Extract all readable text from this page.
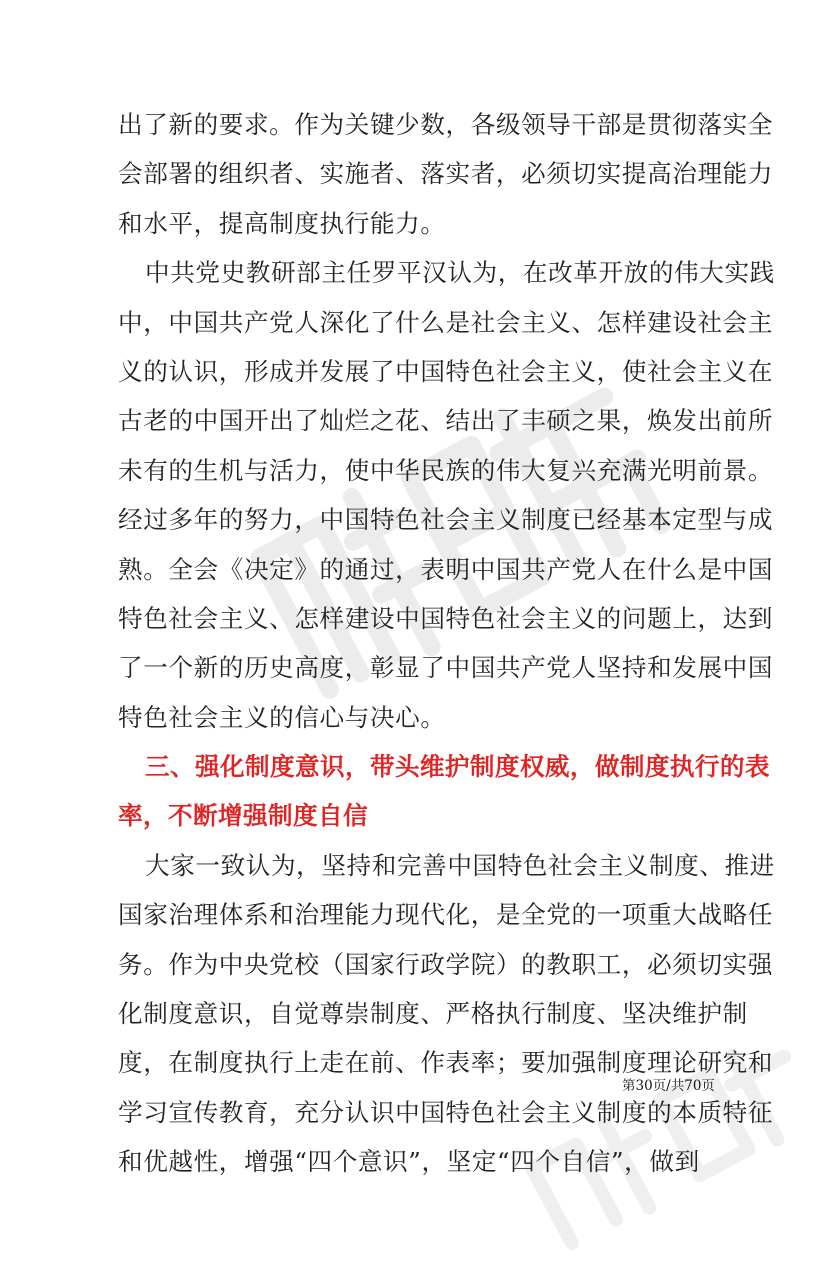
出了新的要求。作为关键少数，各级领导干部是贯彻落实全
会部署的组织者、实施者、落实者，必须切实提高治理能力
和水平，提高制度执行能力。
中共党史教研部主任罗平汉认为，在改革开放的伟大实践
中，中国共产党人深化了什么是社会主义、怎样建设社会主
义的认识，形成并发展了中国特色社会主义，使社会主义在
古老的中国开出了灿烂之花、结出了丰硕之果，焕发出前所
未有的生机与活力，使中华民族的伟大复兴充满光明前景。
经过多年的努力，中国特色社会主义制度已经基本定型与成
熟。全会《决定》的通过，表明中国共产党人在什么是中国
特色社会主义、怎样建设中国特色社会主义的问题上，达到
了一个新的历史高度，彰显了中国共产党人坚持和发展中国
特色社会主义的信心与决心。
三、强化制度意识，带头维护制度权威，做制度执行的表
率，不断增强制度自信
大家一致认为，坚持和完善中国特色社会主义制度、推进
国家治理体系和治理能力现代化，是全党的一项重大战略任
务。作为中央党校（国家行政学院）的教职工，必须切实强
化制度意识，自觉尊崇制度、严格执行制度、坚决维护制
度，在制度执行上走在前、作表率；要加强制度理论研究和
学习宣传教育，充分认识中国特色社会主义制度的本质特征
和优越性，增强“四个意识”，坚定“四个自信”，做到
第30页/共70页
